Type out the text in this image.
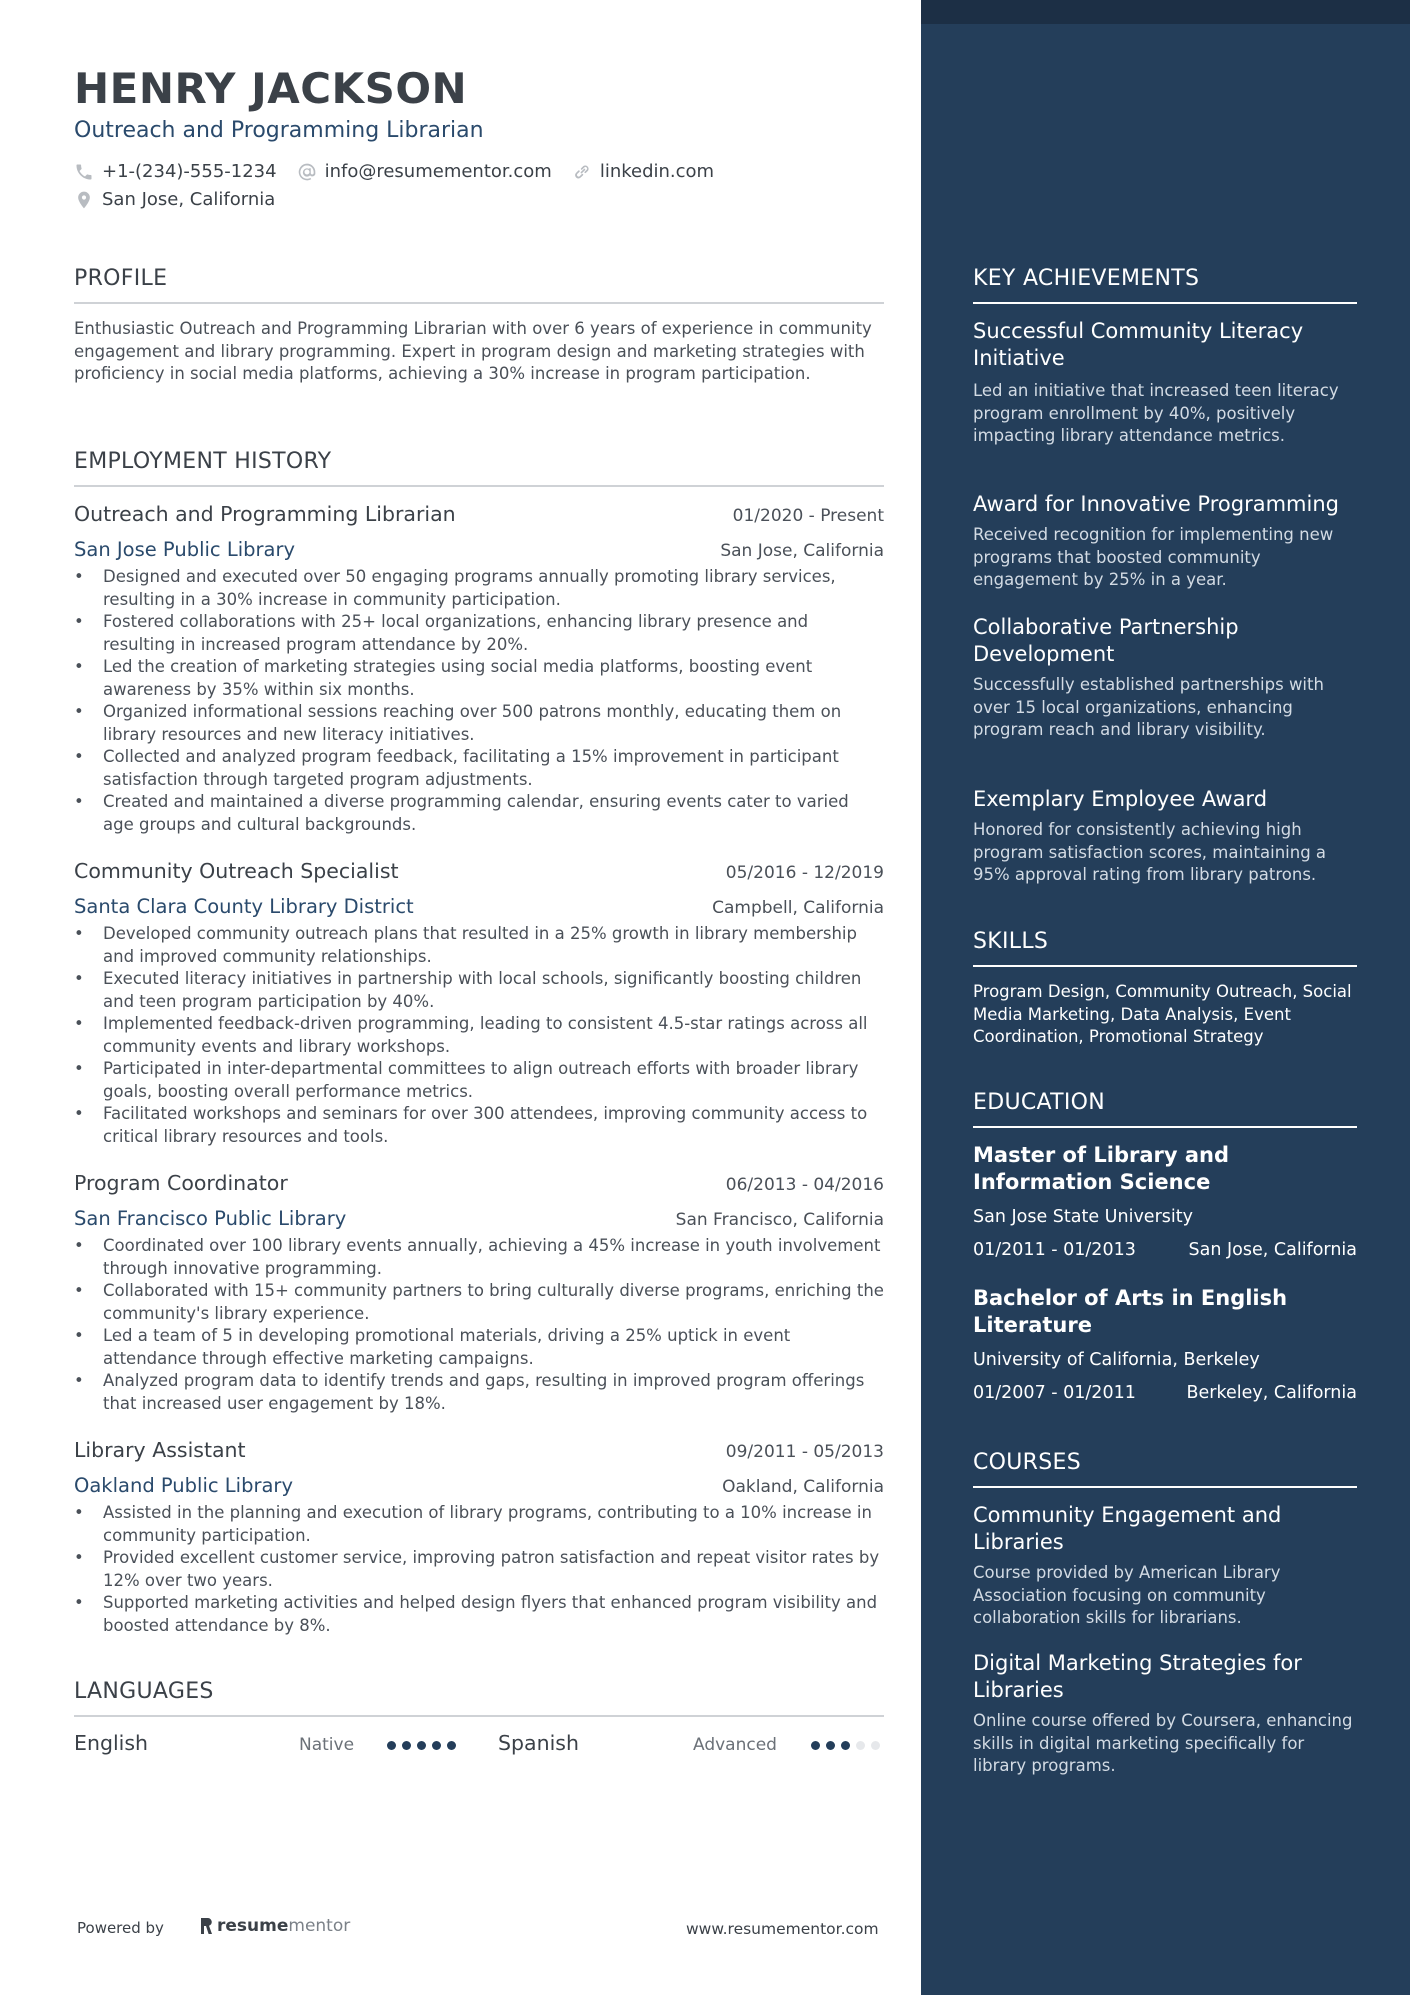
HENRY JACKSON
Outreach and Programming Librarian
+1-(234)-555-1234	info@resumementor.com	linkedin.com
San Jose, California
PROFILE
Enthusiastic Outreach and Programming Librarian with over 6 years of experience in community engagement and library programming. Expert in program design and marketing strategies with proficiency in social media platforms, achieving a 30% increase in program participation.
EMPLOYMENT HISTORY
Outreach and Programming Librarian	01/2020 - Present
San Jose Public Library	San Jose, California
• Designed and executed over 50 engaging programs annually promoting library services, resulting in a 30% increase in community participation.
• Fostered collaborations with 25+ local organizations, enhancing library presence and resulting in increased program attendance by 20%.
• Led the creation of marketing strategies using social media platforms, boosting event awareness by 35% within six months.
• Organized informational sessions reaching over 500 patrons monthly, educating them on library resources and new literacy initiatives.
• Collected and analyzed program feedback, facilitating a 15% improvement in participant satisfaction through targeted program adjustments.
• Created and maintained a diverse programming calendar, ensuring events cater to varied age groups and cultural backgrounds.
Community Outreach Specialist	05/2016 - 12/2019
Santa Clara County Library District	Campbell, California
• Developed community outreach plans that resulted in a 25% growth in library membership and improved community relationships.
• Executed literacy initiatives in partnership with local schools, significantly boosting children and teen program participation by 40%.
• Implemented feedback-driven programming, leading to consistent 4.5-star ratings across all community events and library workshops.
• Participated in inter-departmental committees to align outreach efforts with broader library goals, boosting overall performance metrics.
• Facilitated workshops and seminars for over 300 attendees, improving community access to critical library resources and tools.
Program Coordinator	06/2013 - 04/2016
San Francisco Public Library	San Francisco, California
• Coordinated over 100 library events annually, achieving a 45% increase in youth involvement through innovative programming.
• Collaborated with 15+ community partners to bring culturally diverse programs, enriching the community's library experience.
• Led a team of 5 in developing promotional materials, driving a 25% uptick in event attendance through effective marketing campaigns.
• Analyzed program data to identify trends and gaps, resulting in improved program offerings that increased user engagement by 18%.
Library Assistant	09/2011 - 05/2013
Oakland Public Library	Oakland, California
• Assisted in the planning and execution of library programs, contributing to a 10% increase in community participation.
• Provided excellent customer service, improving patron satisfaction and repeat visitor rates by 12% over two years.
• Supported marketing activities and helped design flyers that enhanced program visibility and boosted attendance by 8%.
LANGUAGES
English	Native	Spanish	Advanced
Powered by	resume mentor	www.resumementor.com
KEY ACHIEVEMENTS
Successful Community Literacy Initiative
Led an initiative that increased teen literacy program enrollment by 40%, positively impacting library attendance metrics.
Award for Innovative Programming
Received recognition for implementing new programs that boosted community engagement by 25% in a year.
Collaborative Partnership Development
Successfully established partnerships with over 15 local organizations, enhancing program reach and library visibility.
Exemplary Employee Award
Honored for consistently achieving high program satisfaction scores, maintaining a 95% approval rating from library patrons.
SKILLS
Program Design, Community Outreach, Social Media Marketing, Data Analysis, Event Coordination, Promotional Strategy
EDUCATION
Master of Library and Information Science
San Jose State University
01/2011 - 01/2013	San Jose, California
Bachelor of Arts in English Literature
University of California, Berkeley
01/2007 - 01/2011	Berkeley, California
COURSES
Community Engagement and Libraries
Course provided by American Library Association focusing on community collaboration skills for librarians.
Digital Marketing Strategies for Libraries
Online course offered by Coursera, enhancing skills in digital marketing specifically for library programs.
